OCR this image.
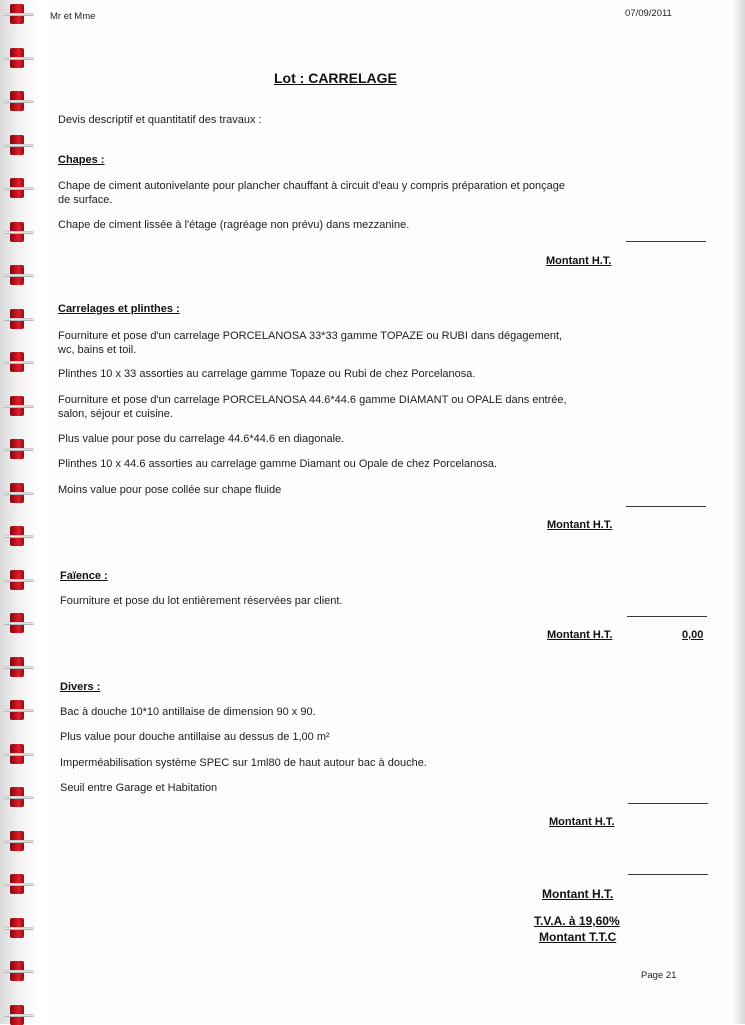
Mr et Mme	07/09/2011
Lot : CARRELAGE
Devis descriptif et quantitatif des travaux :
Chapes :
Chape de ciment autonivelante pour plancher chauffant à circuit d'eau y compris préparation et ponçage
de surface.
Chape de ciment lissée à l'étage (ragréage non prévu) dans mezzanine.
Montant H.T.
Carrelages et plinthes :
Fourniture et pose d'un carrelage PORCELANOSA 33*33 gamme TOPAZE ou RUBI dans dégagement,
wc, bains et toil.
Plinthes 10 x 33 assorties au carrelage gamme Topaze ou Rubi de chez Porcelanosa.
Fourniture et pose d'un carrelage PORCELANOSA 44.6*44.6 gamme DIAMANT ou OPALE dans entrée,
salon, séjour et cuisine.
Plus value pour pose du carrelage 44.6*44.6 en diagonale.
Plinthes 10 x 44.6 assorties au carrelage gamme Diamant ou Opale de chez Porcelanosa.
Moins value pour pose collée sur chape fluide
Montant H.T.
Faïence :
Fourniture et pose du lot entièrement réservées par client.
Montant H.T.	0,00
Divers :
Bac à douche 10*10 antillaise de dimension 90 x 90.
Plus value pour douche antillaise au dessus de 1,00 m²
Imperméabilisation système SPEC sur 1ml80 de haut autour bac à douche.
Seuil entre Garage et Habitation
Montant H.T.
Montant H.T.
T.V.A. à 19,60%
Montant T.T.C
Page 21
